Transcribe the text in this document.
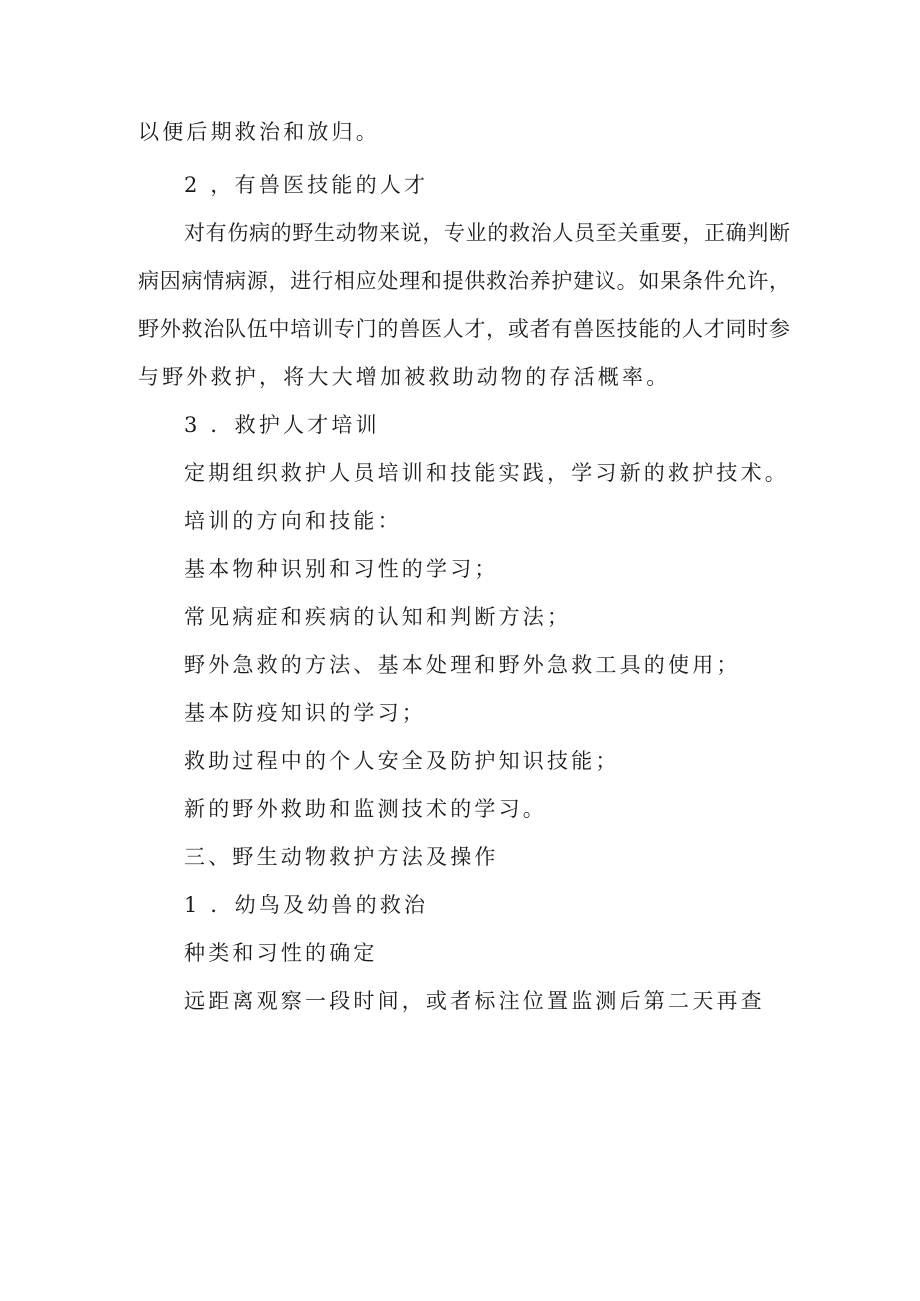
以便后期救治和放归。
2 ，有兽医技能的人才
对有伤病的野生动物来说，专业的救治人员至关重要，正确判断
病因病情病源，进行相应处理和提供救治养护建议。如果条件允许，
野外救治队伍中培训专门的兽医人才，或者有兽医技能的人才同时参
与野外救护，将大大增加被救助动物的存活概率。
3 ．救护人才培训
定期组织救护人员培训和技能实践，学习新的救护技术。
培训的方向和技能：
基本物种识别和习性的学习；
常见病症和疾病的认知和判断方法；
野外急救的方法、基本处理和野外急救工具的使用；
基本防疫知识的学习；
救助过程中的个人安全及防护知识技能；
新的野外救助和监测技术的学习。
三、野生动物救护方法及操作
1 ．幼鸟及幼兽的救治
种类和习性的确定
远距离观察一段时间，或者标注位置监测后第二天再查
